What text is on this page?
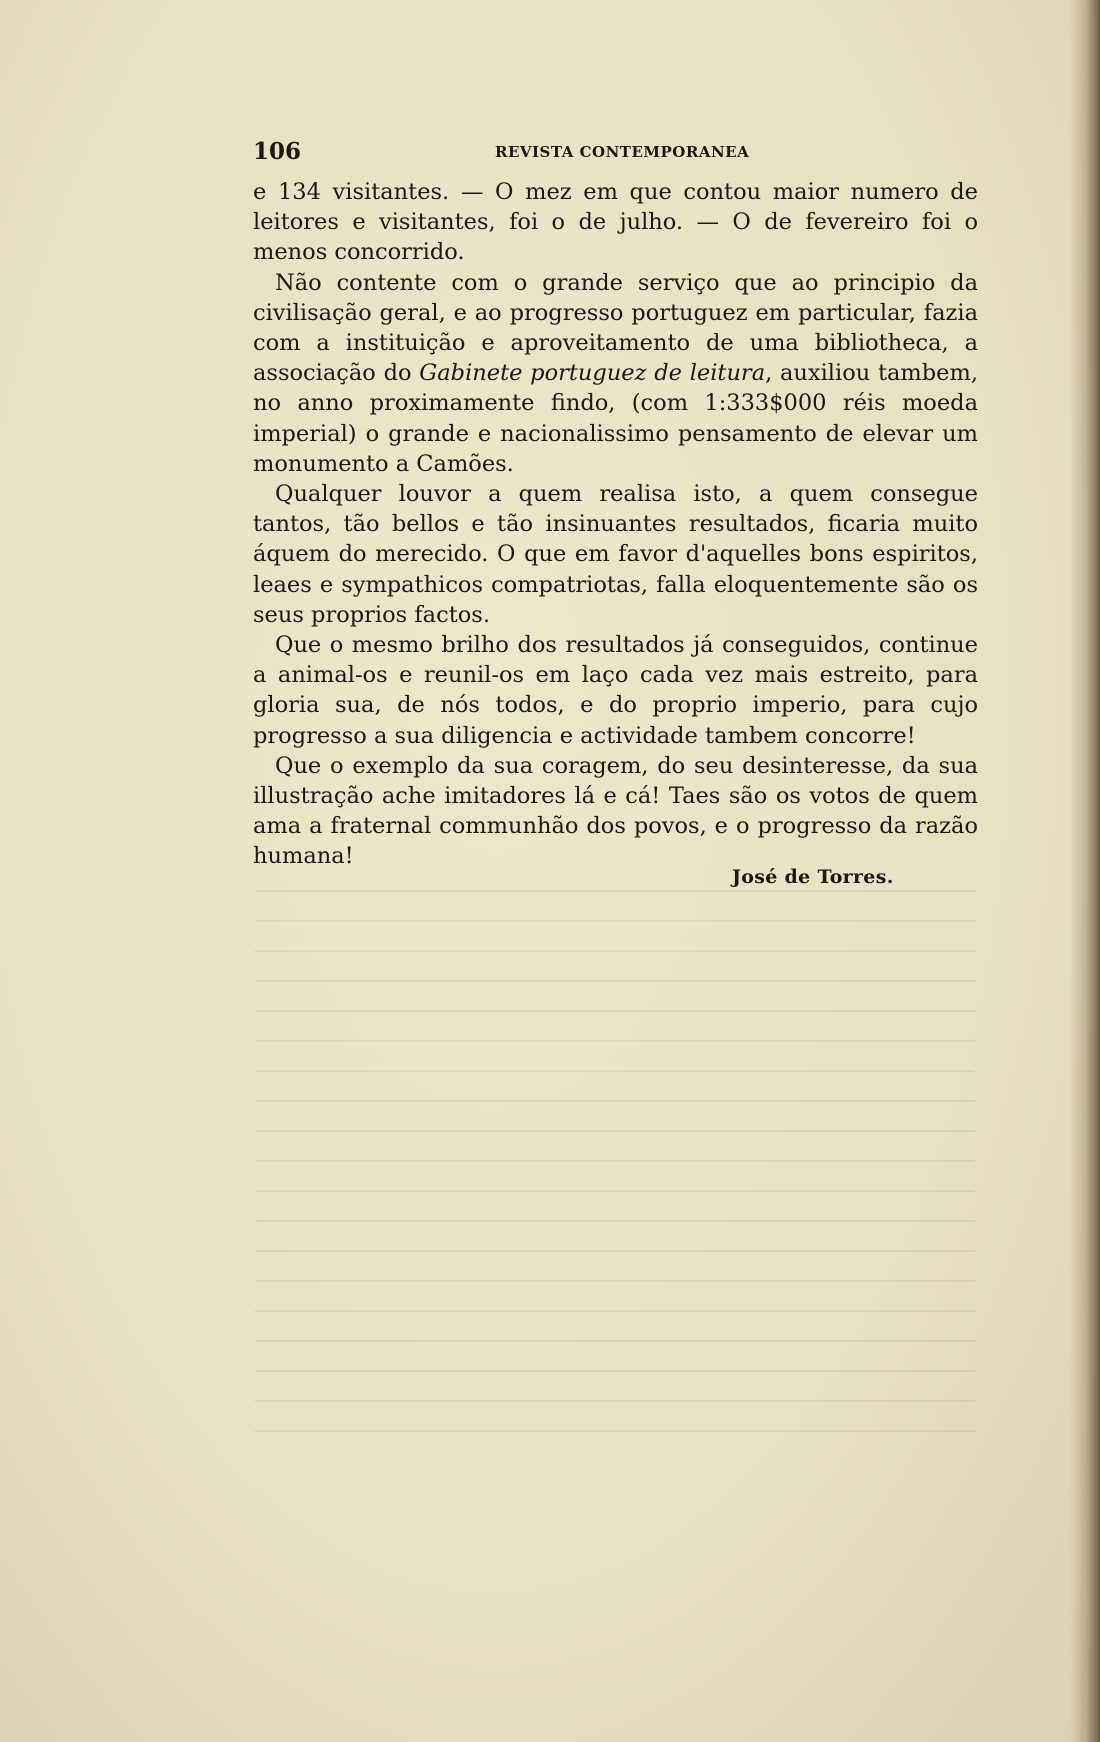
106	REVISTA CONTEMPORANEA

e 134 visitantes. — O mez em que contou maior numero de leitores e visitantes, foi o de julho. — O de fevereiro foi o menos concorrido.

Não contente com o grande serviço que ao principio da civilisação geral, e ao progresso portuguez em particular, fazia com a instituição e aproveitamento de uma bibliotheca, a associação do Gabinete portuguez de leitura, auxiliou tambem, no anno proximamente findo, (com 1:333$000 réis moeda imperial) o grande e nacionalissimo pensamento de elevar um monumento a Camões.

Qualquer louvor a quem realisa isto, a quem consegue tantos, tão bellos e tão insinuantes resultados, ficaria muito áquem do merecido. O que em favor d'aquelles bons espiritos, leaes e sympathicos compatriotas, falla eloquentemente são os seus proprios factos.

Que o mesmo brilho dos resultados já conseguidos, continue a animal-os e reunil-os em laço cada vez mais estreito, para gloria sua, de nós todos, e do proprio imperio, para cujo progresso a sua diligencia e actividade tambem concorre!

Que o exemplo da sua coragem, do seu desinteresse, da sua illustração ache imitadores lá e cá! Taes são os votos de quem ama a fraternal communhão dos povos, e o progresso da razão humana!

José de Torres.
